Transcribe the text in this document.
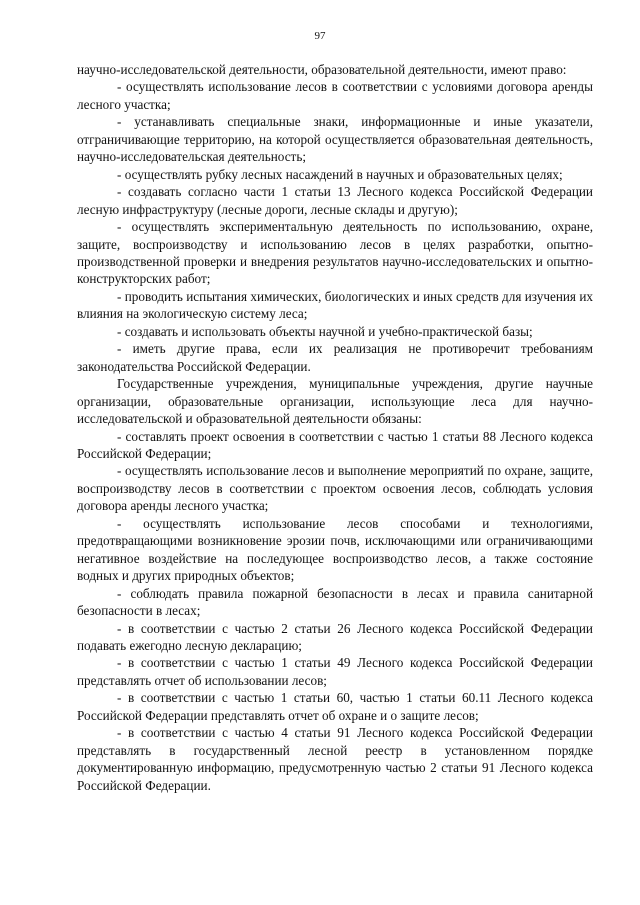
97

научно-исследовательской деятельности, образовательной деятельности, имеют право:

- осуществлять использование лесов в соответствии с условиями договора аренды лесного участка;

- устанавливать специальные знаки, информационные и иные указатели, отграничивающие территорию, на которой осуществляется образовательная деятельность, научно-исследовательская деятельность;

- осуществлять рубку лесных насаждений в научных и образовательных целях;

- создавать согласно части 1 статьи 13 Лесного кодекса Российской Федерации лесную инфраструктуру (лесные дороги, лесные склады и другую);

- осуществлять экспериментальную деятельность по использованию, охране, защите, воспроизводству и использованию лесов в целях разработки, опытно-производственной проверки и внедрения результатов научно-исследовательских и опытно-конструкторских работ;

- проводить испытания химических, биологических и иных средств для изучения их влияния на экологическую систему леса;

- создавать и использовать объекты научной и учебно-практической базы;

- иметь другие права, если их реализация не противоречит требованиям законодательства Российской Федерации.

Государственные учреждения, муниципальные учреждения, другие научные организации, образовательные организации, использующие леса для научно-исследовательской и образовательной деятельности обязаны:

- составлять проект освоения в соответствии с частью 1 статьи 88 Лесного кодекса Российской Федерации;

- осуществлять использование лесов и выполнение мероприятий по охране, защите, воспроизводству лесов в соответствии с проектом освоения лесов, соблюдать условия договора аренды лесного участка;

- осуществлять использование лесов способами и технологиями, предотвращающими возникновение эрозии почв, исключающими или ограничивающими негативное воздействие на последующее воспроизводство лесов, а также состояние водных и других природных объектов;

- соблюдать правила пожарной безопасности в лесах и правила санитарной безопасности в лесах;

- в соответствии с частью 2 статьи 26 Лесного кодекса Российской Федерации подавать ежегодно лесную декларацию;

- в соответствии с частью 1 статьи 49 Лесного кодекса Российской Федерации представлять отчет об использовании лесов;

- в соответствии с частью 1 статьи 60, частью 1 статьи 60.11 Лесного кодекса Российской Федерации представлять отчет об охране и о защите лесов;

- в соответствии с частью 4 статьи 91 Лесного кодекса Российской Федерации представлять в государственный лесной реестр в установленном порядке документированную информацию, предусмотренную частью 2 статьи 91 Лесного кодекса Российской Федерации.
